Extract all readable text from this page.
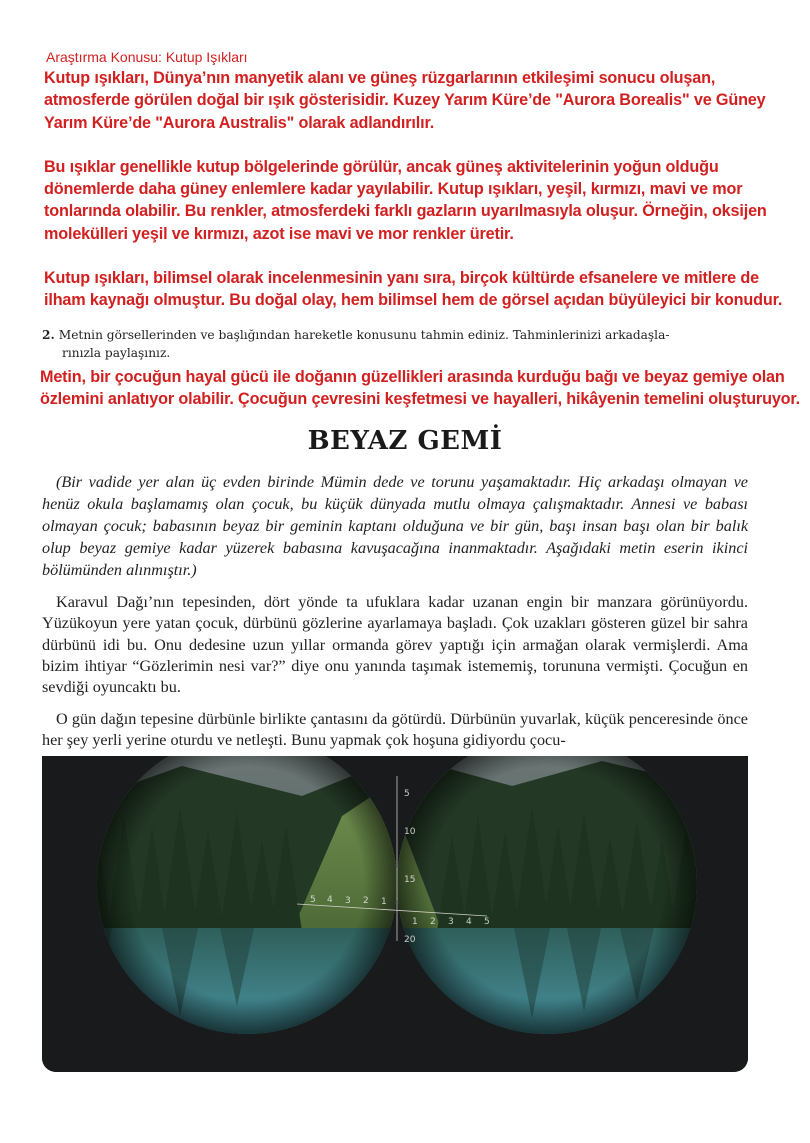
Araştırma Konusu: Kutup Işıkları

Kutup ışıkları, Dünya’nın manyetik alanı ve güneş rüzgarlarının etkileşimi sonucu oluşan, atmosferde görülen doğal bir ışık gösterisidir. Kuzey Yarım Küre’de "Aurora Borealis" ve Güney Yarım Küre’de "Aurora Australis" olarak adlandırılır.

Bu ışıklar genellikle kutup bölgelerinde görülür, ancak güneş aktivitelerinin yoğun olduğu dönemlerde daha güney enlemlere kadar yayılabilir. Kutup ışıkları, yeşil, kırmızı, mavi ve mor tonlarında olabilir. Bu renkler, atmosferdeki farklı gazların uyarılmasıyla oluşur. Örneğin, oksijen molekülleri yeşil ve kırmızı, azot ise mavi ve mor renkler üretir.

Kutup ışıkları, bilimsel olarak incelenmesinin yanı sıra, birçok kültürde efsanelere ve mitlere de ilham kaynağı olmuştur. Bu doğal olay, hem bilimsel hem de görsel açıdan büyüleyici bir konudur.

2. Metnin görsellerinden ve başlığından hareketle konusunu tahmin ediniz. Tahminlerinizi arkadaşla-
rınızla paylaşınız.
Metin, bir çocuğun hayal gücü ile doğanın güzellikleri arasında kurduğu bağı ve beyaz gemiye olan özlemini anlatıyor olabilir. Çocuğun çevresini keşfetmesi ve hayalleri, hikâyenin temelini oluşturuyor.
BEYAZ GEMİ

(Bir vadide yer alan üç evden birinde Mümin dede ve torunu yaşamaktadır. Hiç arkadaşı olmayan ve henüz okula başlamamış olan çocuk, bu küçük dünyada mutlu olmaya çalışmaktadır. Annesi ve babası olmayan çocuk; babasının beyaz bir geminin kaptanı olduğuna ve bir gün, başı insan başı olan bir balık olup beyaz gemiye kadar yüzerek babasına kavuşacağına inanmaktadır. Aşağıdaki metin eserin ikinci bölümünden alınmıştır.)

Karavul Dağı’nın tepesinden, dört yönde ta ufuklara kadar uzanan engin bir manzara görünüyordu. Yüzükoyun yere yatan çocuk, dürbünü gözlerine ayarlamaya başladı. Çok uzakları gösteren güzel bir sahra dürbünü idi bu. Onu dedesine uzun yıllar ormanda görev yaptığı için armağan olarak vermişlerdi. Ama bizim ihtiyar “Gözlerimin nesi var?” diye onu yanında taşımak istememiş, torununa vermişti. Çocuğun en sevdiği oyuncaktı bu.

O gün dağın tepesine dürbünle birlikte çantasını da götürdü. Dürbünün yuvarlak, küçük penceresinde önce her şey yerli yerine oturdu ve netleşti. Bunu yapmak çok hoşuna gidiyordu çocu-

5
10
15
20
5 4 3 2 1
1 2 3 4 5
